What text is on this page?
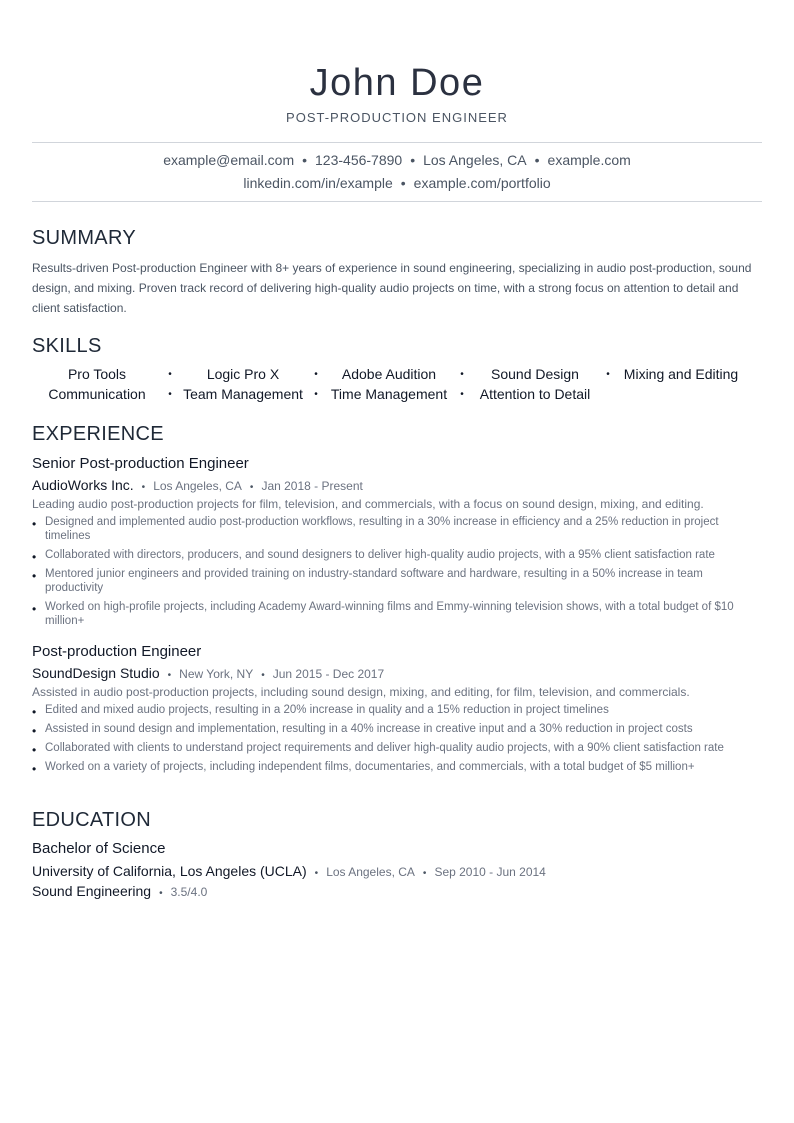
John Doe
POST-PRODUCTION ENGINEER
example@email.com • 123-456-7890 • Los Angeles, CA • example.com
linkedin.com/in/example • example.com/portfolio
SUMMARY
Results-driven Post-production Engineer with 8+ years of experience in sound engineering, specializing in audio post-production, sound design, and mixing. Proven track record of delivering high-quality audio projects on time, with a strong focus on attention to detail and client satisfaction.
SKILLS
Pro Tools	•	Logic Pro X	•	Adobe Audition	•	Sound Design	•	Mixing and Editing
Communication	• Team Management	• Time Management	•	Attention to Detail
EXPERIENCE
Senior Post-production Engineer
AudioWorks Inc. • Los Angeles, CA • Jan 2018 - Present
Leading audio post-production projects for film, television, and commercials, with a focus on sound design, mixing, and editing.
• Designed and implemented audio post-production workflows, resulting in a 30% increase in efficiency and a 25% reduction in project timelines
• Collaborated with directors, producers, and sound designers to deliver high-quality audio projects, with a 95% client satisfaction rate
• Mentored junior engineers and provided training on industry-standard software and hardware, resulting in a 50% increase in team productivity
• Worked on high-profile projects, including Academy Award-winning films and Emmy-winning television shows, with a total budget of $10 million+
Post-production Engineer
SoundDesign Studio • New York, NY • Jun 2015 - Dec 2017
Assisted in audio post-production projects, including sound design, mixing, and editing, for film, television, and commercials.
• Edited and mixed audio projects, resulting in a 20% increase in quality and a 15% reduction in project timelines
• Assisted in sound design and implementation, resulting in a 40% increase in creative input and a 30% reduction in project costs
• Collaborated with clients to understand project requirements and deliver high-quality audio projects, with a 90% client satisfaction rate
• Worked on a variety of projects, including independent films, documentaries, and commercials, with a total budget of $5 million+
EDUCATION
Bachelor of Science
University of California, Los Angeles (UCLA) • Los Angeles, CA • Sep 2010 - Jun 2014
Sound Engineering • 3.5/4.0
